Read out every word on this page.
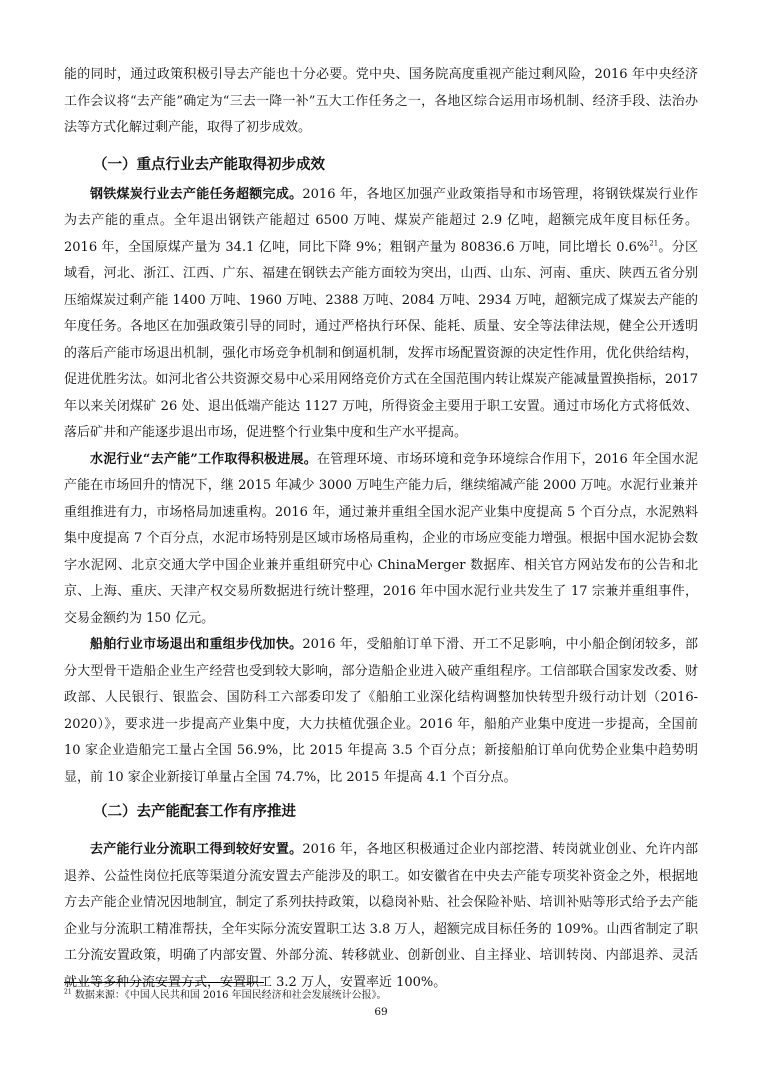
能的同时，通过政策积极引导去产能也十分必要。党中央、国务院高度重视产能过剩风险，2016 年中央经济工作会议将“去产能”确定为“三去一降一补”五大工作任务之一，各地区综合运用市场机制、经济手段、法治办法等方式化解过剩产能，取得了初步成效。

（一）重点行业去产能取得初步成效

钢铁煤炭行业去产能任务超额完成。2016 年，各地区加强产业政策指导和市场管理，将钢铁煤炭行业作为去产能的重点。全年退出钢铁产能超过 6500 万吨、煤炭产能超过 2.9 亿吨，超额完成年度目标任务。2016 年，全国原煤产量为 34.1 亿吨，同比下降 9%；粗钢产量为 80836.6 万吨，同比增长 0.6%$^{21}$。分区域看，河北、浙江、江西、广东、福建在钢铁去产能方面较为突出，山西、山东、河南、重庆、陕西五省分别压缩煤炭过剩产能 1400 万吨、1960 万吨、2388 万吨、2084 万吨、2934 万吨，超额完成了煤炭去产能的年度任务。各地区在加强政策引导的同时，通过严格执行环保、能耗、质量、安全等法律法规，健全公开透明的落后产能市场退出机制，强化市场竞争机制和倒逼机制，发挥市场配置资源的决定性作用，优化供给结构，促进优胜劣汰。如河北省公共资源交易中心采用网络竞价方式在全国范围内转让煤炭产能减量置换指标，2017 年以来关闭煤矿 26 处、退出低端产能达 1127 万吨，所得资金主要用于职工安置。通过市场化方式将低效、落后矿井和产能逐步退出市场，促进整个行业集中度和生产水平提高。

水泥行业“去产能”工作取得积极进展。在管理环境、市场环境和竞争环境综合作用下，2016 年全国水泥产能在市场回升的情况下，继 2015 年减少 3000 万吨生产能力后，继续缩减产能 2000 万吨。水泥行业兼并重组推进有力，市场格局加速重构。2016 年，通过兼并重组全国水泥产业集中度提高 5 个百分点，水泥熟料集中度提高 7 个百分点，水泥市场特别是区域市场格局重构，企业的市场应变能力增强。根据中国水泥协会数字水泥网、北京交通大学中国企业兼并重组研究中心 ChinaMerger 数据库、相关官方网站发布的公告和北京、上海、重庆、天津产权交易所数据进行统计整理，2016 年中国水泥行业共发生了 17 宗兼并重组事件，交易金额约为 150 亿元。

船舶行业市场退出和重组步伐加快。2016 年，受船舶订单下滑、开工不足影响，中小船企倒闭较多，部分大型骨干造船企业生产经营也受到较大影响，部分造船企业进入破产重组程序。工信部联合国家发改委、财政部、人民银行、银监会、国防科工六部委印发了《船舶工业深化结构调整加快转型升级行动计划（2016-2020）》，要求进一步提高产业集中度，大力扶植优强企业。2016 年，船舶产业集中度进一步提高，全国前 10 家企业造船完工量占全国 56.9%，比 2015 年提高 3.5 个百分点；新接船舶订单向优势企业集中趋势明显，前 10 家企业新接订单量占全国 74.7%，比 2015 年提高 4.1 个百分点。

（二）去产能配套工作有序推进

去产能行业分流职工得到较好安置。2016 年，各地区积极通过企业内部挖潜、转岗就业创业、允许内部退养、公益性岗位托底等渠道分流安置去产能涉及的职工。如安徽省在中央去产能专项奖补资金之外，根据地方去产能企业情况因地制宜，制定了系列扶持政策，以稳岗补贴、社会保险补贴、培训补贴等形式给予去产能企业与分流职工精准帮扶，全年实际分流安置职工达 3.8 万人，超额完成目标任务的 109%。山西省制定了职工分流安置政策，明确了内部安置、外部分流、转移就业、创新创业、自主择业、培训转岗、内部退养、灵活就业等多种分流安置方式，安置职工 3.2 万人，安置率近 100%。

$^{21}$ 数据来源：《中国人民共和国 2016 年国民经济和社会发展统计公报》。
69
